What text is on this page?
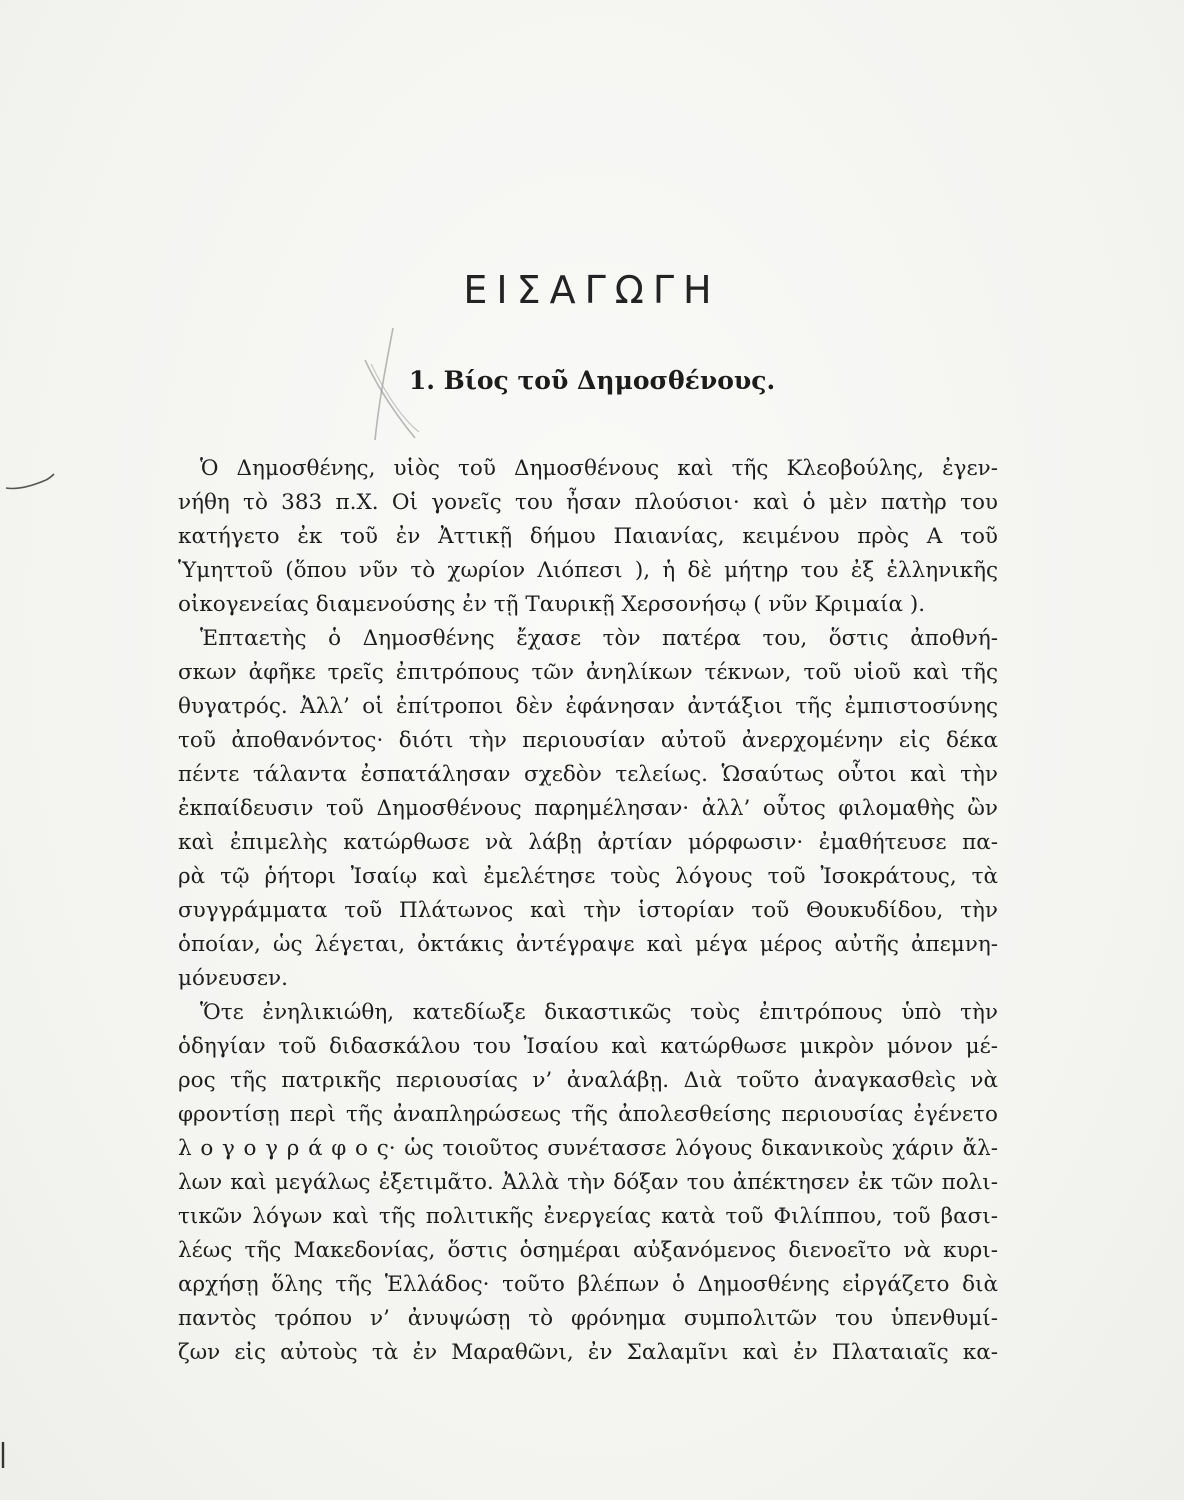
ΕΙΣΑΓΩΓΗ
1. Βίος τοῦ Δημοσθένους.
Ὁ Δημοσθένης, υἱὸς τοῦ Δημοσθένους καὶ τῆς Κλεοβούλης, ἐγεν-
νήθη τὸ 383 π.Χ. Οἱ γονεῖς του ἦσαν πλούσιοι· καὶ ὁ μὲν πατὴρ του
κατήγετο ἐκ τοῦ ἐν Ἀττικῇ δήμου Παιανίας, κειμένου πρὸς Α τοῦ
Ὑμηττοῦ (ὅπου νῦν τὸ χωρίον Λιόπεσι ), ἡ δὲ μήτηρ του ἐξ ἑλληνικῆς
οἰκογενείας διαμενούσης ἐν τῇ Ταυρικῇ Χερσονήσῳ ( νῦν Κριμαία ).
Ἑπταετὴς ὁ Δημοσθένης ἔχασε τὸν πατέρα του, ὅστις ἀποθνή-
σκων ἀφῆκε τρεῖς ἐπιτρόπους τῶν ἀνηλίκων τέκνων, τοῦ υἱοῦ καὶ τῆς
θυγατρός. Ἀλλ’ οἱ ἐπίτροποι δὲν ἐφάνησαν ἀντάξιοι τῆς ἐμπιστοσύνης
τοῦ ἀποθανόντος· διότι τὴν περιουσίαν αὐτοῦ ἀνερχομένην εἰς δέκα
πέντε τάλαντα ἐσπατάλησαν σχεδὸν τελείως. Ὡσαύτως οὗτοι καὶ τὴν
ἐκπαίδευσιν τοῦ Δημοσθένους παρημέλησαν· ἀλλ’ οὗτος φιλομαθὴς ὢν
καὶ ἐπιμελὴς κατώρθωσε νὰ λάβῃ ἀρτίαν μόρφωσιν· ἐμαθήτευσε πα-
ρὰ τῷ ῥήτορι Ἰσαίῳ καὶ ἐμελέτησε τοὺς λόγους τοῦ Ἰσοκράτους, τὰ
συγγράμματα τοῦ Πλάτωνος καὶ τὴν ἱστορίαν τοῦ Θουκυδίδου, τὴν
ὁποίαν, ὡς λέγεται, ὀκτάκις ἀντέγραψε καὶ μέγα μέρος αὐτῆς ἀπεμνη-
μόνευσεν.
Ὅτε ἐνηλικιώθη, κατεδίωξε δικαστικῶς τοὺς ἐπιτρόπους ὑπὸ τὴν
ὁδηγίαν τοῦ διδασκάλου του Ἰσαίου καὶ κατώρθωσε μικρὸν μόνον μέ-
ρος τῆς πατρικῆς περιουσίας ν’ ἀναλάβῃ. Διὰ τοῦτο ἀναγκασθεὶς νὰ
φροντίσῃ περὶ τῆς ἀναπληρώσεως τῆς ἀπολεσθείσης περιουσίας ἐγένετο
λ ο γ ο γ ρ ά φ ο ς· ὡς τοιοῦτος συνέτασσε λόγους δικανικοὺς χάριν ἄλ-
λων καὶ μεγάλως ἐξετιμᾶτο. Ἀλλὰ τὴν δόξαν του ἀπέκτησεν ἐκ τῶν πολι-
τικῶν λόγων καὶ τῆς πολιτικῆς ἐνεργείας κατὰ τοῦ Φιλίππου, τοῦ βασι-
λέως τῆς Μακεδονίας, ὅστις ὁσημέραι αὐξανόμενος διενοεῖτο νὰ κυρι-
αρχήσῃ ὅλης τῆς Ἑλλάδος· τοῦτο βλέπων ὁ Δημοσθένης εἰργάζετο διὰ
παντὸς τρόπου ν’ ἀνυψώσῃ τὸ φρόνημα συμπολιτῶν του ὑπενθυμί-
ζων εἰς αὐτοὺς τὰ ἐν Μαραθῶνι, ἐν Σαλαμῖνι καὶ ἐν Πλαταιαῖς κα-
